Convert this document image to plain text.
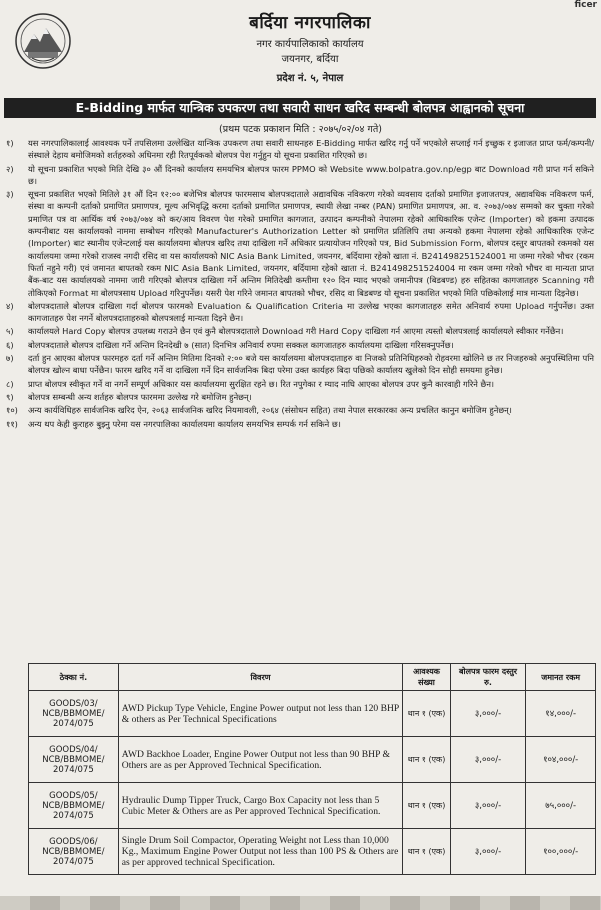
ficer
बर्दिया नगरपालिका
नगर कार्यपालिकाको कार्यालय
जयनगर, बर्दिया
प्रदेश नं. ५, नेपाल
E-Bidding मार्फत यान्त्रिक उपकरण तथा सवारी साधन खरिद सम्बन्धी बोलपत्र आह्वानको सूचना
(प्रथम पटक प्रकाशन मिति : २०७५/०२/०४ गते)
१)	यस नगरपालिकालाई आवश्यक पर्ने तपसिलमा उल्लेखित यान्त्रिक उपकरण तथा सवारी साधनहरु E-Bidding मार्फत खरिद गर्नु पर्ने भएकोले सप्लाई गर्न इच्छुक र इजाजत प्राप्त फर्म/कम्पनी/संस्थाले देहाय बमोजिमको शर्तहरुको अधिनमा रही रितपूर्वकको बोलपत्र पेश गर्नुहुन यो सूचना प्रकाशित गरिएको छ।
२)	यो सूचना प्रकाशित भएको मिति देखि ३० औं दिनको कार्यालय समयभित्र बोलपत्र फारम PPMO को Website www.bolpatra.gov.np/egp बाट Download गरी प्राप्त गर्न सकिने छ।
३)	सूचना प्रकाशित भएको मितिले ३१ औं दिन १२:०० बजेभित्र बोलपत्र फारमसाथ बोलपत्रदाताले अद्यावधिक नविकरण गरेको व्यवसाय दर्ताको प्रमाणित इजाजतपत्र, अद्यावधिक नविकरण फर्म, संस्था वा कम्पनी दर्ताको प्रमाणित प्रमाणपत्र, मूल्य अभिवृद्धि करमा दर्ताको प्रमाणित प्रमाणपत्र, स्थायी लेखा नम्बर (PAN) प्रमाणित प्रमाणपत्र, आ. व. २०७३/०७४ सम्मको कर चुक्ता गरेको प्रमाणित पत्र वा आर्थिक वर्ष २०७३/०७४ को कर/आय विवरण पेश गरेको प्रमाणित कागजात, उत्पादन कम्पनीको नेपालमा रहेको आधिकारिक एजेन्ट (Importer) को हकमा उत्पादक कम्पनीबाट यस कार्यालयको नाममा सम्बोधन गरिएको Manufacturer's Authorization Letter को प्रमाणित प्रतिलिपि तथा अन्यको हकमा नेपालमा रहेको आधिकारिक एजेन्ट (Importer) बाट स्थानीय एजेन्टलाई यस कार्यालयमा बोलपत्र खरिद तथा दाखिला गर्ने अधिकार प्रत्यायोजन गरिएको पत्र, Bid Submission Form, बोलपत्र दस्तुर बापतको रकमको यस कार्यालयमा जम्मा गरेको राजस्व नगदी रसिद वा यस कार्यालयको NIC Asia Bank Limited, जयनगर, बर्दियामा रहेको खाता नं. B241498251524001 मा जम्मा गरेको भौचर (रकम फिर्ता नहुने गरी) एवं जमानत बापतको रकम NIC Asia Bank Limited, जयनगर, बर्दियामा रहेको खाता नं. B241498251524004 मा रकम जम्मा गरेको भौचर वा मान्यता प्राप्त बैंक-बाट यस कार्यालयको नाममा जारी गरिएको बोलपत्र दाखिला गर्ने अन्तिम मितिदेखी कम्तीमा १२० दिन म्याद भएको जमानीपत्र (बिडबण्ड) हरु सहितका कागजातहरु Scanning गरी तोकिएको Format मा बोलपत्रसाथ Upload गरिनुपर्नेछ। यसरी पेश गरिने जमानत बापतको भौचर, रसिद वा बिडबण्ड यो सूचना प्रकाशित भएको मिति पछिकोलाई मात्र मान्यता दिइनेछ।
४)	बोलपत्रदाताले बोलपत्र दाखिला गर्दा बोलपत्र फारमको Evaluation & Qualification Criteria मा उल्लेख भएका कागजातहरु समेत अनिवार्य रुपमा Upload गर्नुपर्नेछ। उक्त कागजातहरु पेश नगर्ने बोलपत्रदाताहरुको बोलपत्रलाई मान्यता दिइने छैन।
५)	कार्यालयले Hard Copy बोलपत्र उपलब्ध गराउने छैन एवं कुनै बोलपत्रदाताले Download गरी Hard Copy दाखिला गर्न आएमा त्यस्तो बोलपत्रलाई कार्यालयले स्वीकार गर्नेछैन।
६)	बोलपत्रदाताले बोलपत्र दाखिला गर्ने अन्तिम दिनदेखी ७ (सात) दिनभित्र अनिवार्य रुपमा सक्कल कागजातहरु कार्यालयमा दाखिला गरिसक्नुपर्नेछ।
७)	दर्ता हुन आएका बोलपत्र फारमहरु दर्ता गर्ने अन्तिम मितिमा दिनको २:०० बजे यस कार्यालयमा बोलपत्रदाताहरु वा निजको प्रतिनिधिहरुको रोहवरमा खोलिने छ तर निजहरुको अनुपस्थितिमा पनि बोलपत्र खोल्न बाधा पर्नेछैन। फारम खरिद गर्ने वा दाखिला गर्ने दिन सार्वजनिक बिदा परेमा उक्त कार्यहरु बिदा पछिको कार्यालय खुलेको दिन सोही समयमा हुनेछ।
८)	प्राप्त बोलपत्र स्वीकृत गर्ने वा नगर्ने सम्पूर्ण अधिकार यस कार्यालयमा सुरक्षित रहने छ। रित नपुगेका र म्याद नाघि आएका बोलपत्र उपर कुनै कारवाही गरिने छैन।
९)	बोलपत्र सम्बन्धी अन्य शर्तहरु बोलपत्र फारममा उल्लेख गरे बमोजिम हुनेछन्।
१०)	अन्य कार्यविधिहरु सार्वजनिक खरिद ऐन, २०६३ सार्वजनिक खरिद नियमावली, २०६४ (संसोधन सहित) तथा नेपाल सरकारका अन्य प्रचलित कानुन बमोजिम हुनेछन्।
११)	अन्य थप केही कुराहरु बुझ्नु परेमा यस नगरपालिका कार्यालयमा कार्यालय समयभित्र सम्पर्क गर्न सकिने छ।
ठेक्का नं.	विवरण	आवश्यक संख्या	बोलपत्र फारम दस्तुर रु.	जमानत रकम
GOODS/03/ NCB/BBMOME/ 2074/075	AWD Pickup Type Vehicle, Engine Power output not less than 120 BHP & others as Per Technical Specifications	थान १ (एक)	३,०००/-	१४,०००/-
GOODS/04/ NCB/BBMOME/ 2074/075	AWD Backhoe Loader, Engine Power Output not less than 90 BHP & Others are as per Approved Technical Specification.	थान १ (एक)	३,०००/-	१०४,०००/-
GOODS/05/ NCB/BBMOME/ 2074/075	Hydraulic Dump Tipper Truck, Cargo Box Capacity not less than 5 Cubic Meter & Others are as Per approved Technical Specification.	थान १ (एक)	३,०००/-	७५,०००/-
GOODS/06/ NCB/BBMOME/ 2074/075	Single Drum Soil Compactor, Operating Weight not Less than 10,000 Kg., Maximum Engine Power Output not less than 100 PS & Others are as per approved technical Specification.	थान १ (एक)	३,०००/-	१००,०००/-
